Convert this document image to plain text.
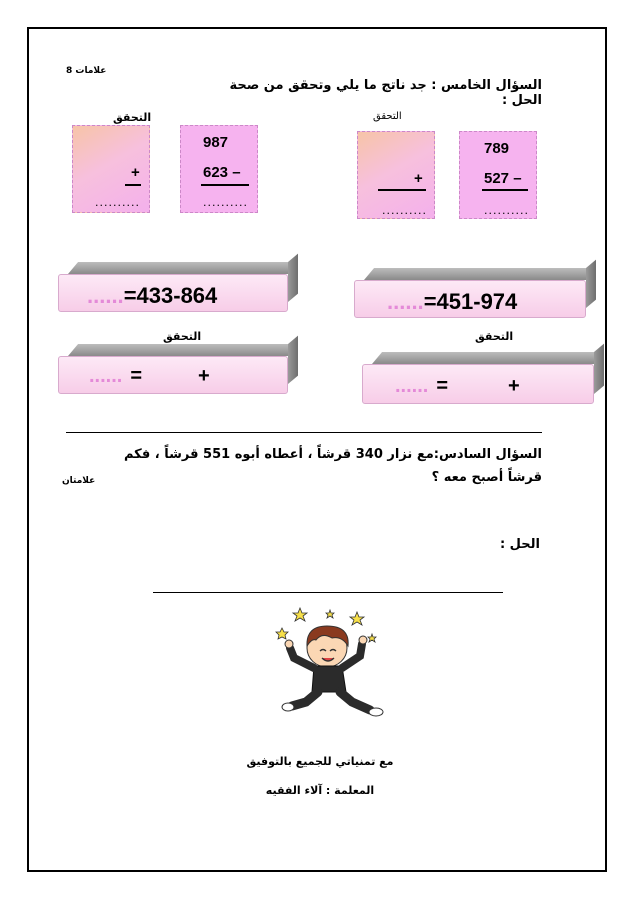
8 علامات
السؤال الخامس : جد ناتج ما يلي وتحقق من صحة الحل :
التحقق
+
..........
987
623 –
..........
التحقق
+
..........
789
527 –
..........
......=433-864	......=451-974
التحقق	التحقق
...... =	+	...... =	+
السؤال السادس:مع نزار 340 قرشاً ، أعطاه أبوه 551 قرشاً ، فكم قرشاً أصبح معه ؟
علامتان
الحل :
مع تمنياتي للجميع بالتوفيق
المعلمة : آلاء الفقيه
